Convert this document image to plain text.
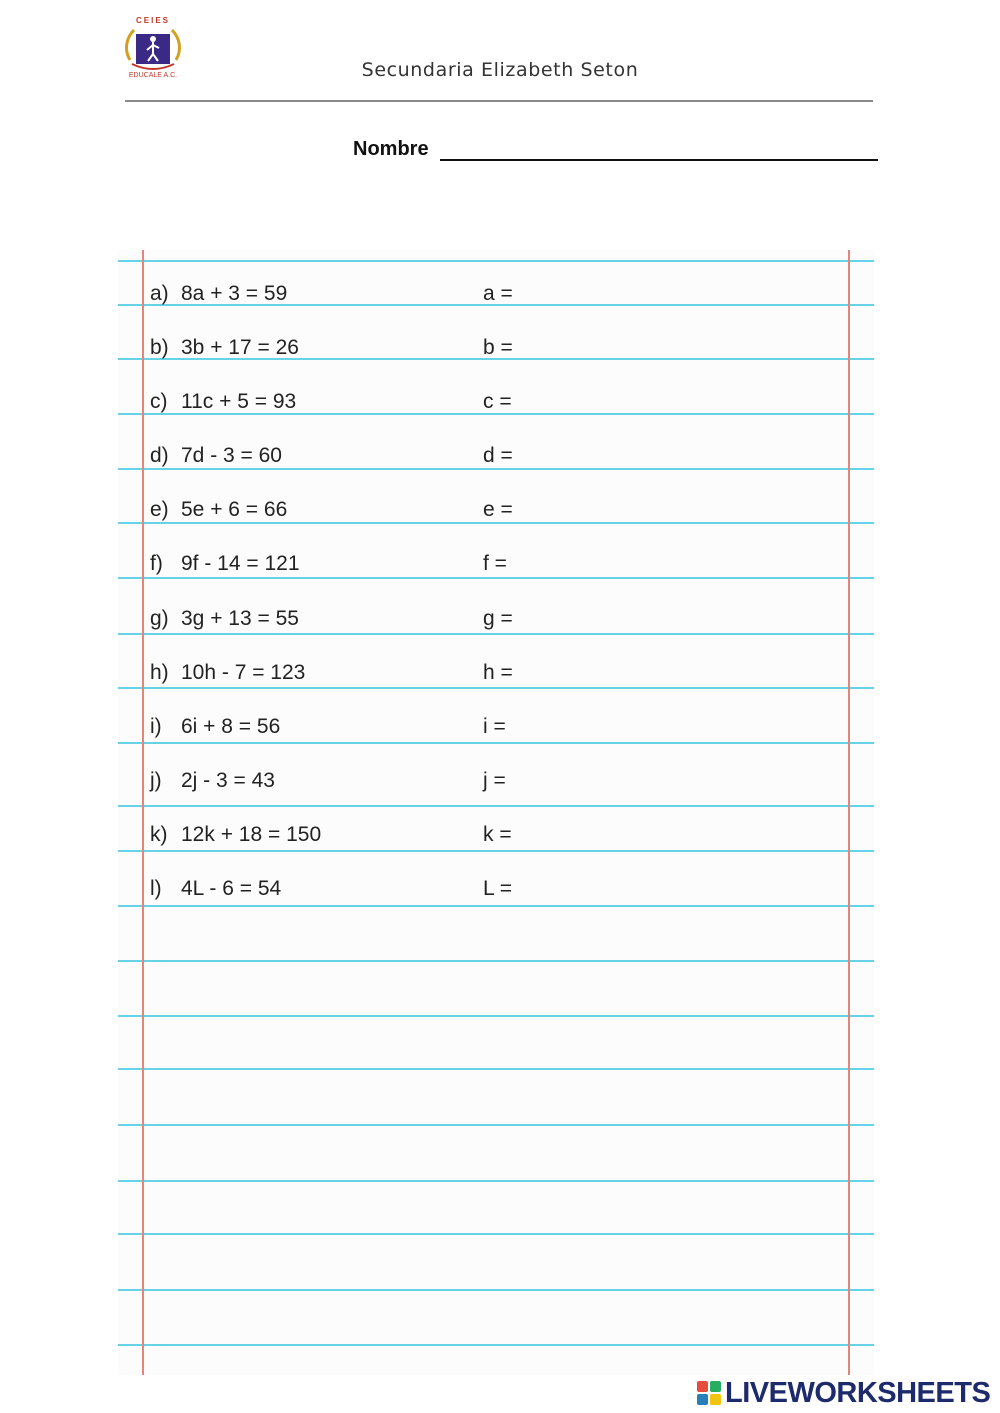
CEIES
EDUCALE A.C.	Secundaria Elizabeth Seton
Nombre
a) 8a + 3 = 59	a =
b) 3b + 17 = 26	b =
c) 11c + 5 = 93	c =
d) 7d - 3 = 60	d =
e) 5e + 6 = 66	e =
f) 9f - 14 = 121	f =
g) 3g + 13 = 55	g =
h) 10h - 7 = 123	h =
i) 6i + 8 = 56	i =
j) 2j - 3 = 43	j =
k) 12k + 18 = 150	k =
l) 4L - 6 = 54	L =
LIVEWORKSHEETS
